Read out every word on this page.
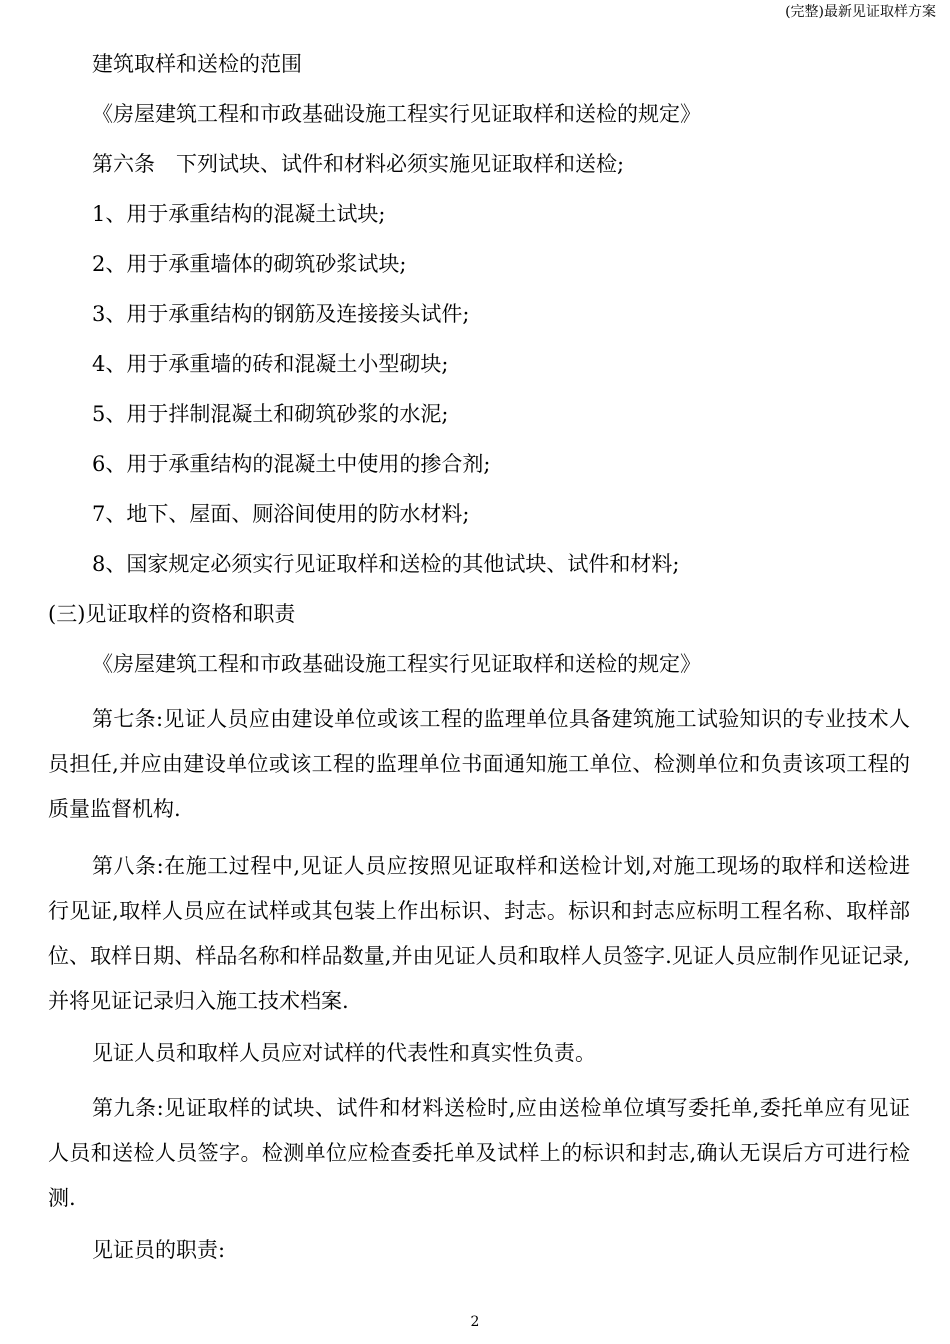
(完整)最新见证取样方案

建筑取样和送检的范围

《房屋建筑工程和市政基础设施工程实行见证取样和送检的规定》

第六条　下列试块、试件和材料必须实施见证取样和送检;

1、用于承重结构的混凝土试块;

2、用于承重墙体的砌筑砂浆试块;

3、用于承重结构的钢筋及连接接头试件;

4、用于承重墙的砖和混凝土小型砌块;

5、用于拌制混凝土和砌筑砂浆的水泥;

6、用于承重结构的混凝土中使用的掺合剂;

7、地下、屋面、厕浴间使用的防水材料;

8、国家规定必须实行见证取样和送检的其他试块、试件和材料;

(三)见证取样的资格和职责

《房屋建筑工程和市政基础设施工程实行见证取样和送检的规定》

第七条:见证人员应由建设单位或该工程的监理单位具备建筑施工试验知识的专业技术人员担任,并应由建设单位或该工程的监理单位书面通知施工单位、检测单位和负责该项工程的质量监督机构.

第八条:在施工过程中,见证人员应按照见证取样和送检计划,对施工现场的取样和送检进行见证,取样人员应在试样或其包装上作出标识、封志。标识和封志应标明工程名称、取样部位、取样日期、样品名称和样品数量,并由见证人员和取样人员签字.见证人员应制作见证记录,并将见证记录归入施工技术档案.

见证人员和取样人员应对试样的代表性和真实性负责。

第九条:见证取样的试块、试件和材料送检时,应由送检单位填写委托单,委托单应有见证人员和送检人员签字。检测单位应检查委托单及试样上的标识和封志,确认无误后方可进行检测.

见证员的职责:

2
